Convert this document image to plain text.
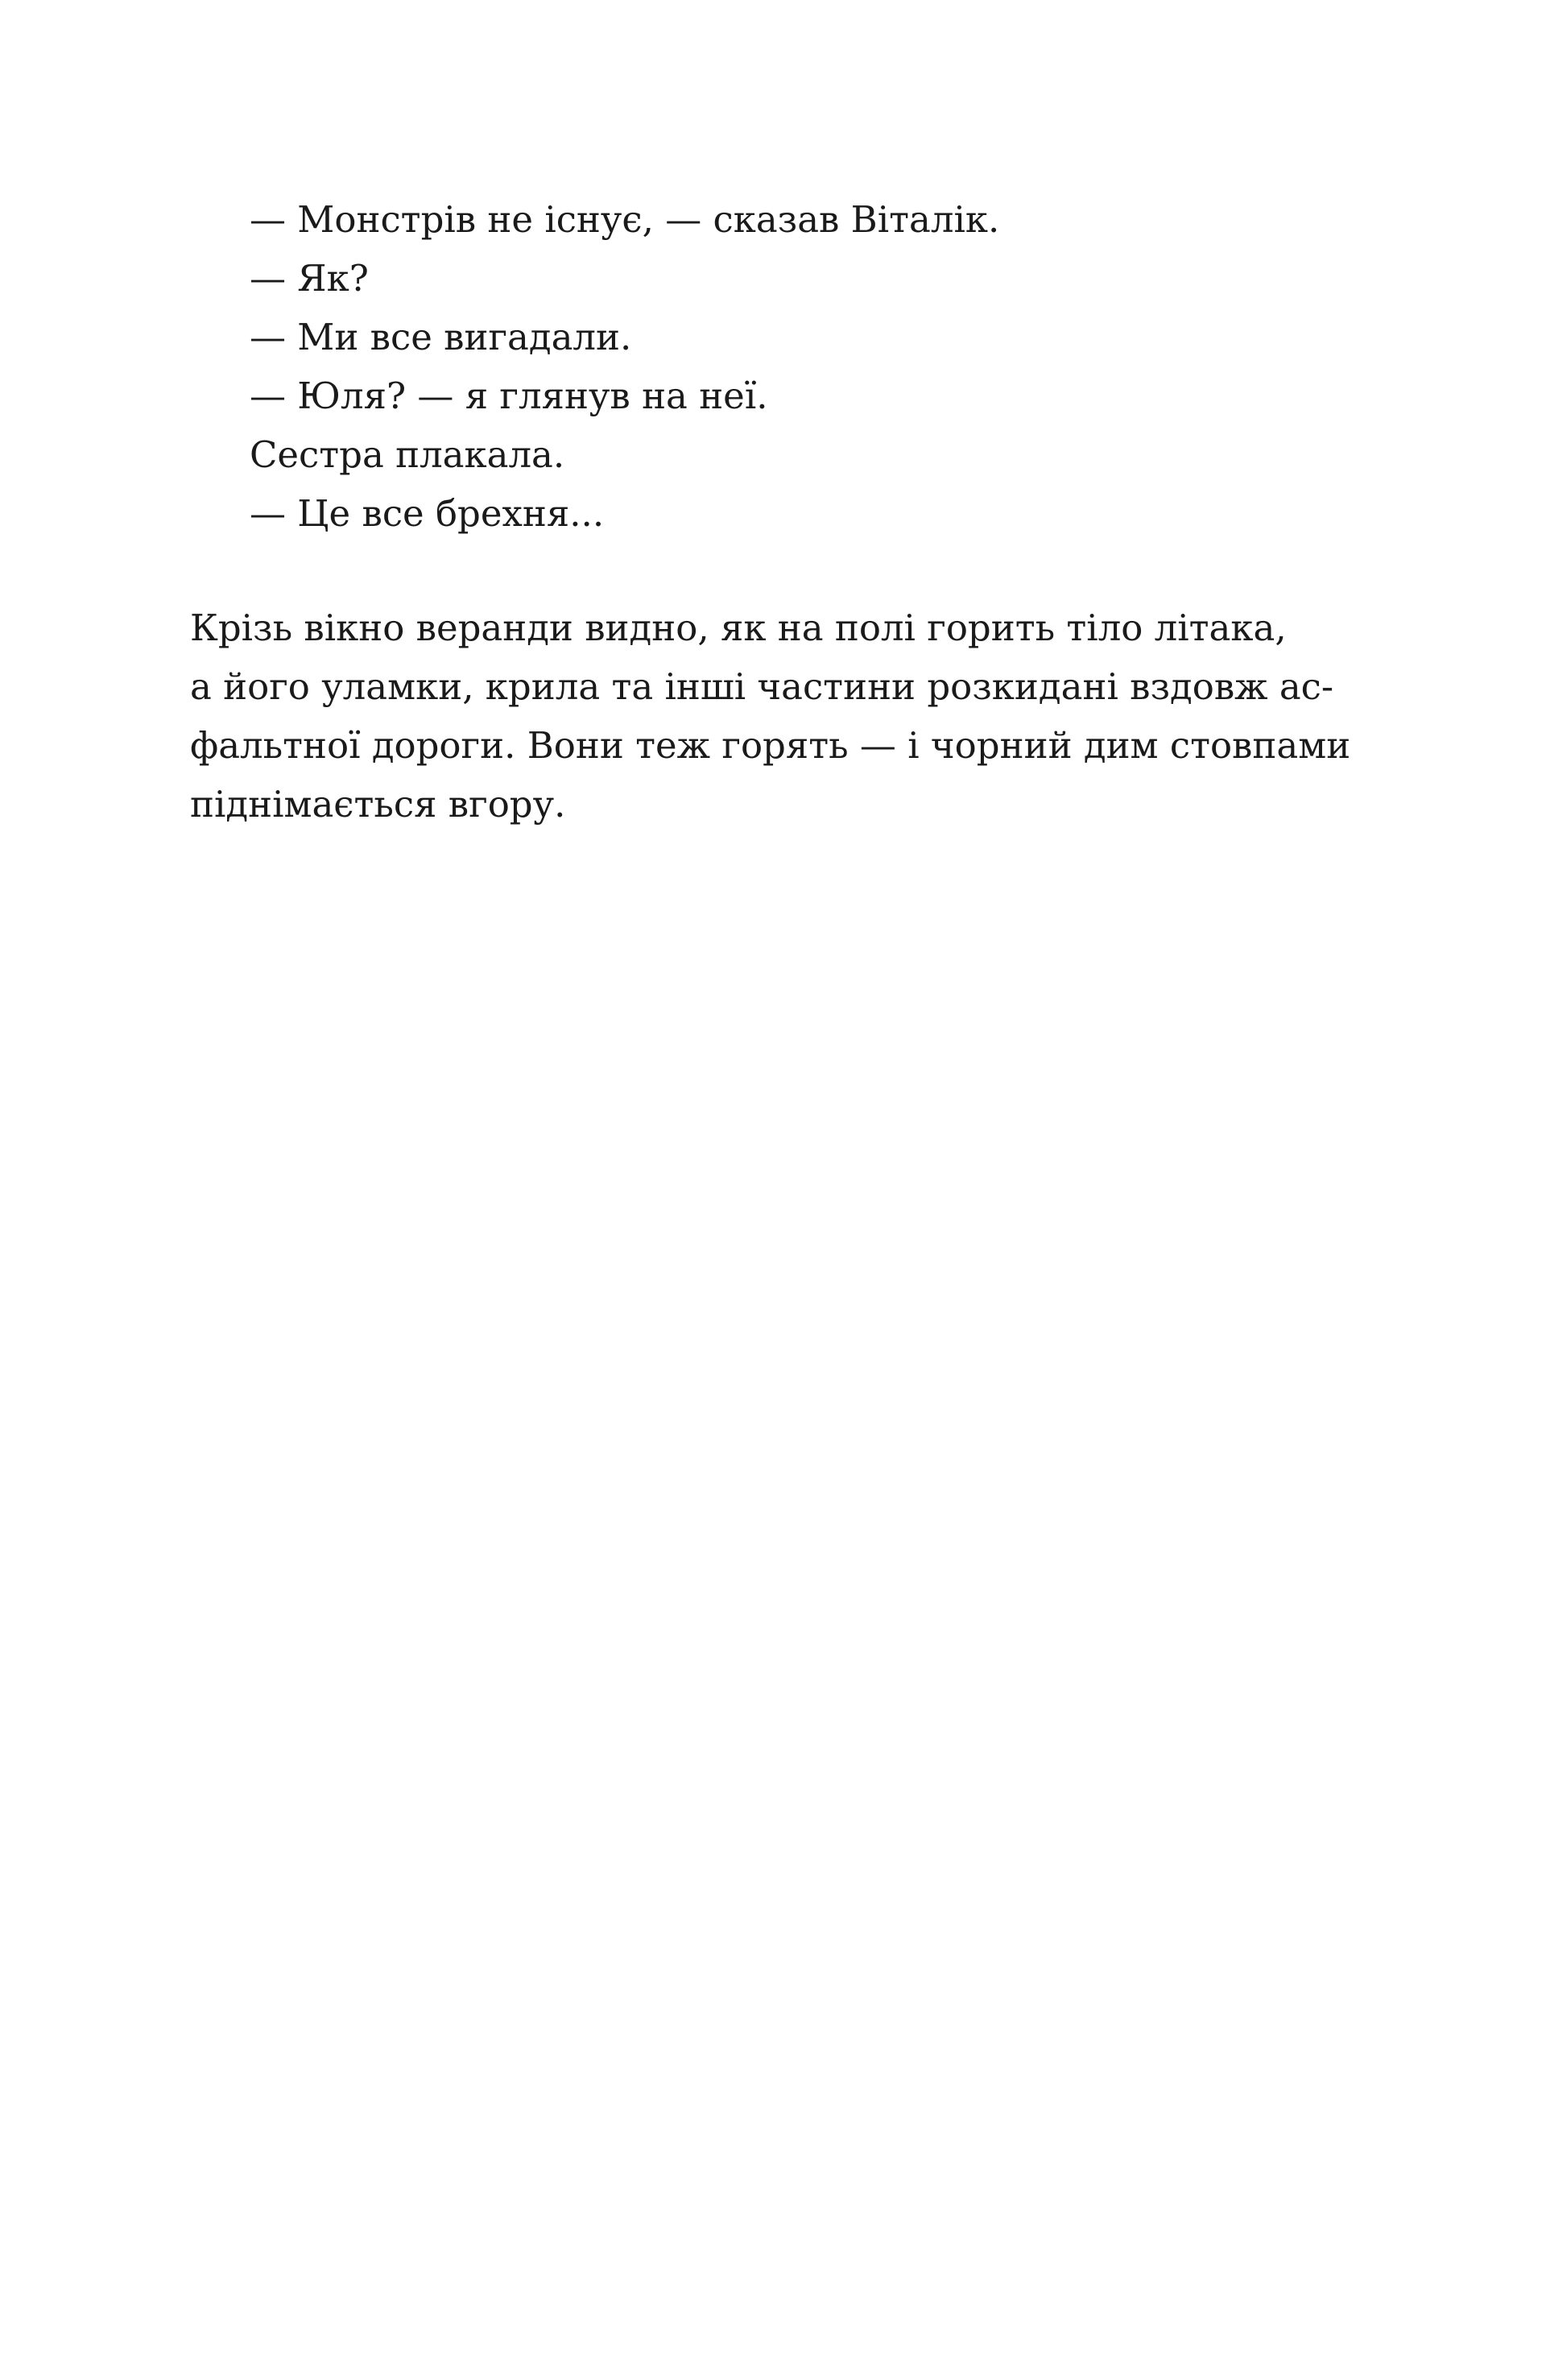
— Монстрів не існує, — сказав Віталік.
— Як?
— Ми все вигадали.
— Юля? — я глянув на неї.
Сестра плакала.
— Це все брехня...

Крізь вікно веранди видно, як на полі горить тіло літака,
а його уламки, крила та інші частини розкидані вздовж ас-
фальтної дороги. Вони теж горять — і чорний дим стовпами
піднімається вгору.
